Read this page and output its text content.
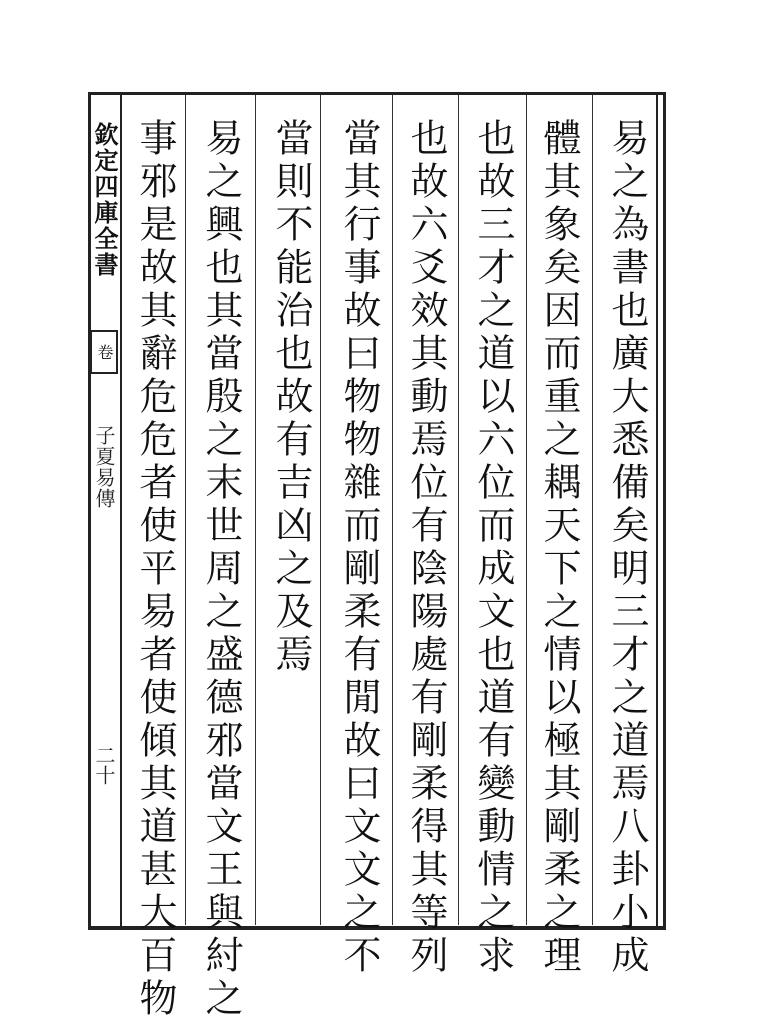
欽定四庫全書
卷
子夏易傳
二十	易之為書也廣大悉備矣明三才之道焉八卦小成
體其象矣因而重之耦天下之情以極其剛柔之理
也故三才之道以六位而成文也道有變動情之求
也故六爻效其動焉位有陰陽處有剛柔得其等列
當其行事故曰物物雜而剛柔有閒故曰文文之不
當則不能治也故有吉凶之及焉
易之興也其當殷之末世周之盛德邪當文王與紂之
事邪是故其辭危危者使平易者使傾其道甚大百物
